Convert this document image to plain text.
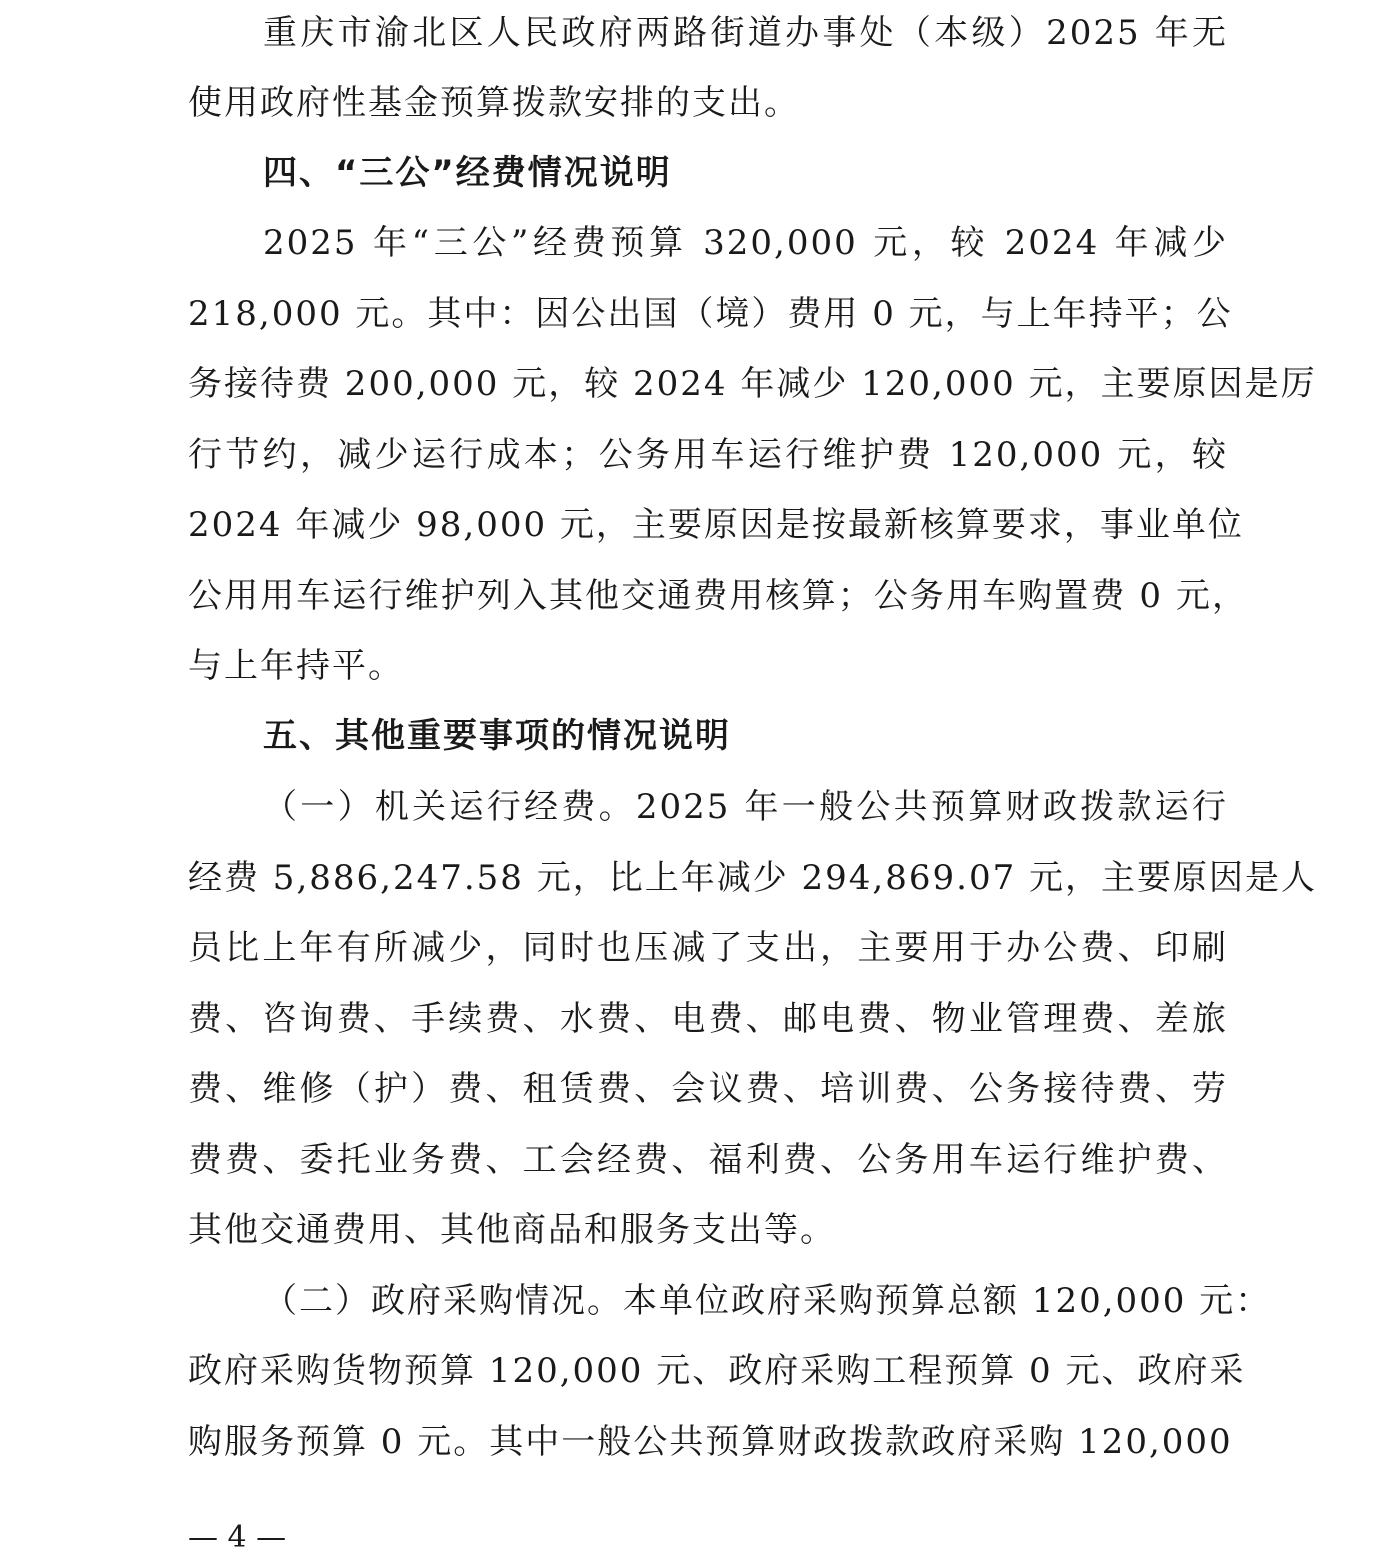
重庆市渝北区人民政府两路街道办事处（本级）2025 年无
使用政府性基金预算拨款安排的支出。
四、“三公”经费情况说明
2025 年“三公”经费预算 320,000 元，较 2024 年减少
218,000 元。其中：因公出国（境）费用 0 元，与上年持平；公
务接待费 200,000 元，较 2024 年减少 120,000 元，主要原因是厉
行节约，减少运行成本；公务用车运行维护费 120,000 元，较
2024 年减少 98,000 元，主要原因是按最新核算要求，事业单位
公用用车运行维护列入其他交通费用核算；公务用车购置费 0 元，
与上年持平。
五、其他重要事项的情况说明
（一）机关运行经费。2025 年一般公共预算财政拨款运行
经费 5,886,247.58 元，比上年减少 294,869.07 元，主要原因是人
员比上年有所减少，同时也压减了支出，主要用于办公费、印刷
费、咨询费、手续费、水费、电费、邮电费、物业管理费、差旅
费、维修（护）费、租赁费、会议费、培训费、公务接待费、劳
费费、委托业务费、工会经费、福利费、公务用车运行维护费、
其他交通费用、其他商品和服务支出等。
（二）政府采购情况。本单位政府采购预算总额 120,000 元：
政府采购货物预算 120,000 元、政府采购工程预算 0 元、政府采
购服务预算 0 元。其中一般公共预算财政拨款政府采购 120,000
— 4 —
